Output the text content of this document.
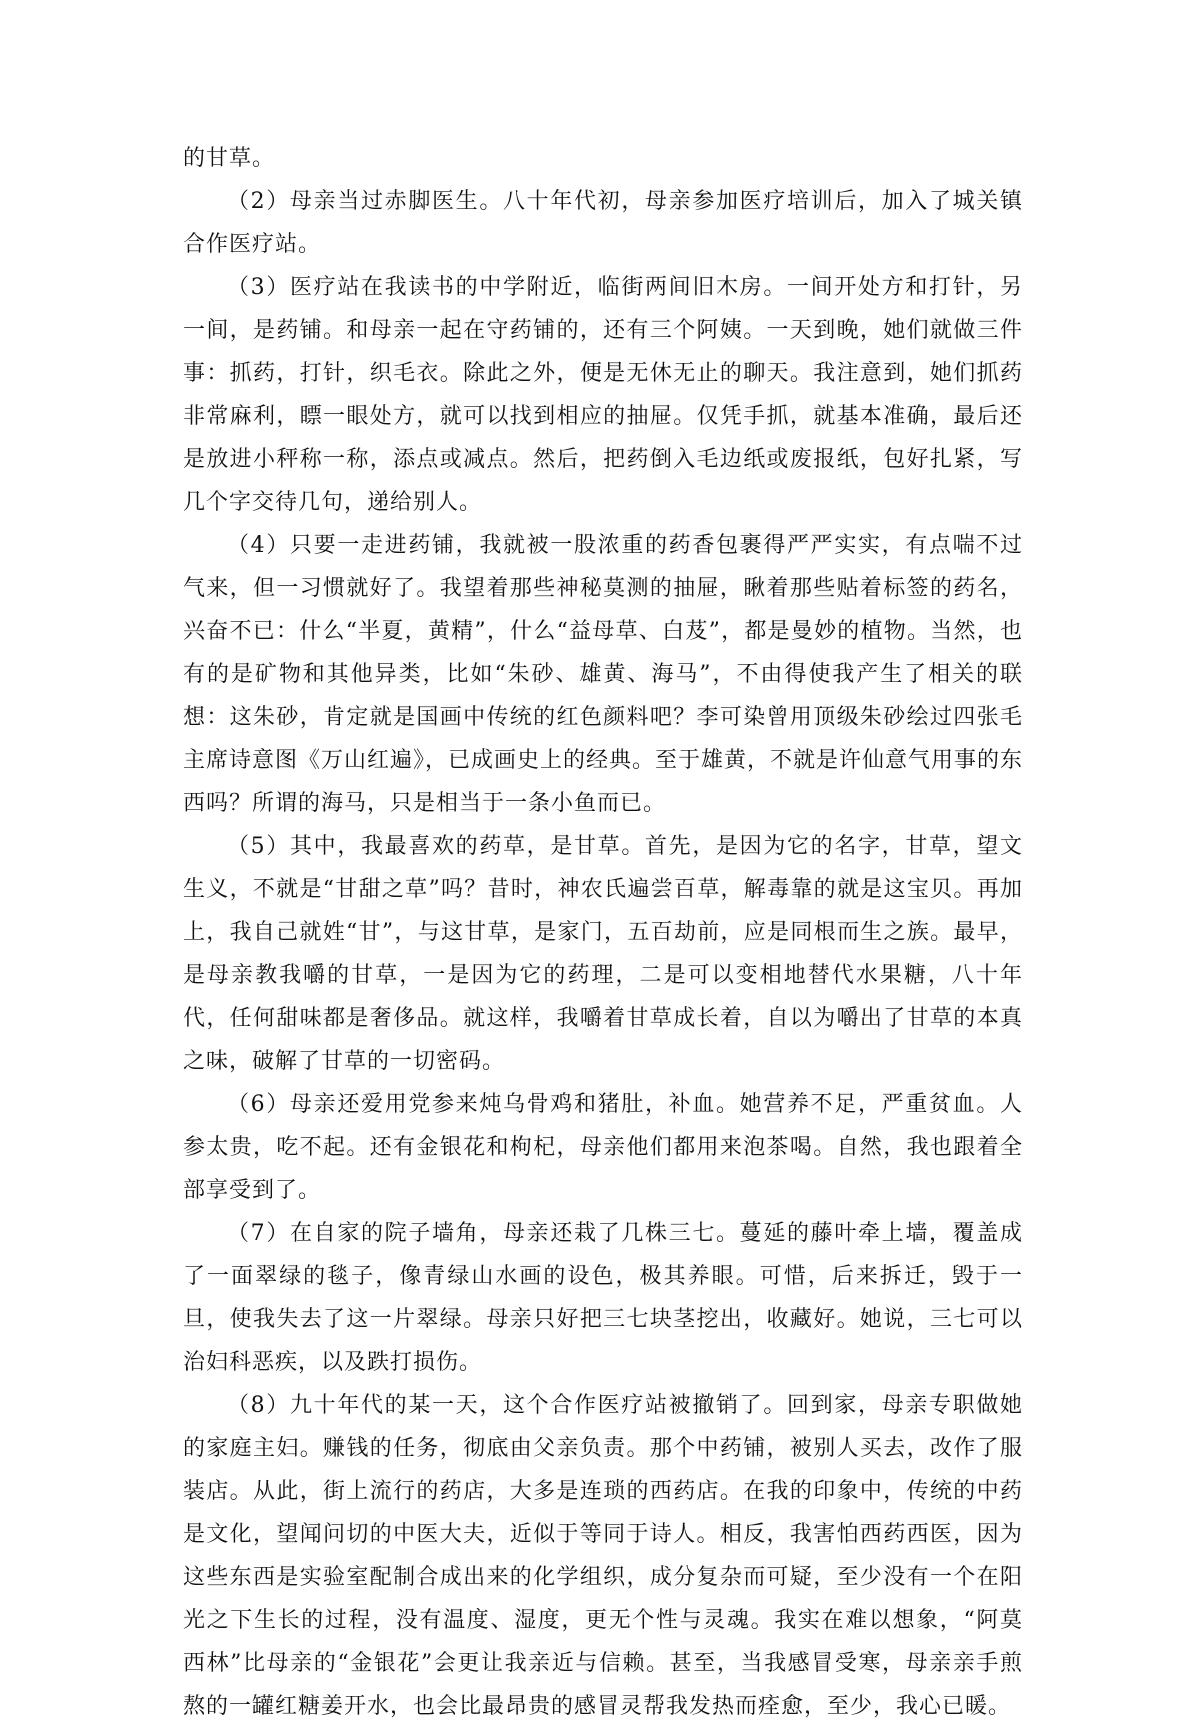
的甘草。

（2）母亲当过赤脚医生。八十年代初，母亲参加医疗培训后，加入了城关镇合作医疗站。

（3）医疗站在我读书的中学附近，临街两间旧木房。一间开处方和打针，另一间，是药铺。和母亲一起在守药铺的，还有三个阿姨。一天到晚，她们就做三件事：抓药，打针，织毛衣。除此之外，便是无休无止的聊天。我注意到，她们抓药非常麻利，瞟一眼处方，就可以找到相应的抽屉。仅凭手抓，就基本准确，最后还是放进小秤称一称，添点或减点。然后，把药倒入毛边纸或废报纸，包好扎紧，写几个字交待几句，递给别人。

（4）只要一走进药铺，我就被一股浓重的药香包裹得严严实实，有点喘不过气来，但一习惯就好了。我望着那些神秘莫测的抽屉，瞅着那些贴着标签的药名，兴奋不已：什么“半夏，黄精”，什么“益母草、白芨”，都是曼妙的植物。当然，也有的是矿物和其他异类，比如“朱砂、雄黄、海马”，不由得使我产生了相关的联想：这朱砂，肯定就是国画中传统的红色颜料吧？李可染曾用顶级朱砂绘过四张毛主席诗意图《万山红遍》，已成画史上的经典。至于雄黄，不就是许仙意气用事的东西吗？所谓的海马，只是相当于一条小鱼而已。

（5）其中，我最喜欢的药草，是甘草。首先，是因为它的名字，甘草，望文生义，不就是“甘甜之草”吗？昔时，神农氏遍尝百草，解毒靠的就是这宝贝。再加上，我自己就姓“甘”，与这甘草，是家门，五百劫前，应是同根而生之族。最早，是母亲教我嚼的甘草，一是因为它的药理，二是可以变相地替代水果糖，八十年代，任何甜味都是奢侈品。就这样，我嚼着甘草成长着，自以为嚼出了甘草的本真之味，破解了甘草的一切密码。

（6）母亲还爱用党参来炖乌骨鸡和猪肚，补血。她营养不足，严重贫血。人参太贵，吃不起。还有金银花和枸杞，母亲他们都用来泡茶喝。自然，我也跟着全部享受到了。

（7）在自家的院子墙角，母亲还栽了几株三七。蔓延的藤叶牵上墙，覆盖成了一面翠绿的毯子，像青绿山水画的设色，极其养眼。可惜，后来拆迁，毁于一旦，使我失去了这一片翠绿。母亲只好把三七块茎挖出，收藏好。她说，三七可以治妇科恶疾，以及跌打损伤。

（8）九十年代的某一天，这个合作医疗站被撤销了。回到家，母亲专职做她的家庭主妇。赚钱的任务，彻底由父亲负责。那个中药铺，被别人买去，改作了服装店。从此，街上流行的药店，大多是连琐的西药店。在我的印象中，传统的中药是文化，望闻问切的中医大夫，近似于等同于诗人。相反，我害怕西药西医，因为这些东西是实验室配制合成出来的化学组织，成分复杂而可疑，至少没有一个在阳光之下生长的过程，没有温度、湿度，更无个性与灵魂。我实在难以想象，“阿莫西林”比母亲的“金银花”会更让我亲近与信赖。甚至，当我感冒受寒，母亲亲手煎熬的一罐红糖姜开水，也会比最昂贵的感冒灵帮我发热而痊愈，至少，我心已暖。
